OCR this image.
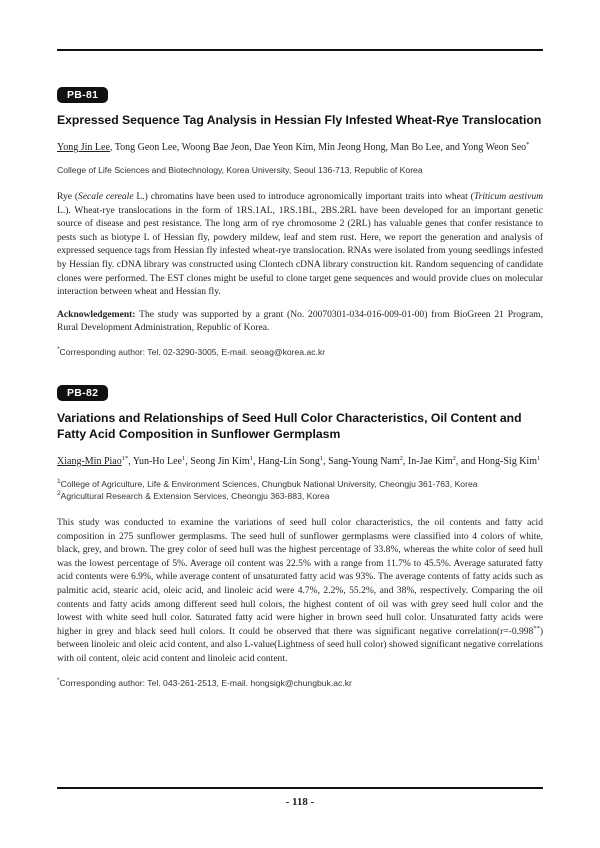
PB-81
Expressed Sequence Tag Analysis in Hessian Fly Infested Wheat-Rye Translocation
Yong Jin Lee, Tong Geon Lee, Woong Bae Jeon, Dae Yeon Kim, Min Jeong Hong, Man Bo Lee, and Yong Weon Seo*
College of Life Sciences and Biotechnology, Korea University, Seoul 136-713, Republic of Korea
Rye (Secale cereale L.) chromatins have been used to introduce agronomically important traits into wheat (Triticum aestivum L.). Wheat-rye translocations in the form of 1RS.1AL, 1RS.1BL, 2BS.2RL have been developed for an important genetic source of disease and pest resistance. The long arm of rye chromosome 2 (2RL) has valuable genes that confer resistance to pests such as biotype L of Hessian fly, powdery mildew, leaf and stem rust. Here, we report the generation and analysis of expressed sequence tags from Hessian fly infested wheat-rye translocation. RNAs were isolated from young seedlings infested by Hessian fly. cDNA library was constructed using Clontech cDNA library construction kit. Random sequencing of candidate clones were performed. The EST clones might be useful to clone target gene sequences and would provide clues on molecular interaction between wheat and Hessian fly.
Acknowledgement: The study was supported by a grant (No. 20070301-034-016-009-01-00) from BioGreen 21 Program, Rural Development Administration, Republic of Korea.
*Corresponding author: Tel. 02-3290-3005, E-mail. seoag@korea.ac.kr
PB-82
Variations and Relationships of Seed Hull Color Characteristics, Oil Content and Fatty Acid Composition in Sunflower Germplasm
Xiang-Min Piao$^{1*}$, Yun-Ho Lee$^1$, Seong Jin Kim$^1$, Hang-Lin Song$^1$, Sang-Young Nam$^2$, In-Jae Kim$^2$, and Hong-Sig Kim$^1$
$^1$College of Agriculture, Life & Environment Sciences, Chungbuk National University, Cheongju 361-763, Korea
$^2$Agricultural Research & Extension Services, Cheongju 363-883, Korea
This study was conducted to examine the variations of seed hull color characteristics, the oil contents and fatty acid composition in 275 sunflower germplasms. The seed hull of sunflower germplasms were classified into 4 colors of white, black, grey, and brown. The grey color of seed hull was the highest percentage of 33.8%, whereas the white color of seed hull was the lowest percentage of 5%. Average oil content was 22.5% with a range from 11.7% to 45.5%. Average saturated fatty acid contents were 6.9%, while average content of unsaturated fatty acid was 93%. The average contents of fatty acids such as palmitic acid, stearic acid, oleic acid, and linoleic acid were 4.7%, 2.2%, 55.2%, and 38%, respectively. Comparing the oil contents and fatty acids among different seed hull colors, the highest content of oil was with grey seed hull color and the lowest with white seed hull color. Saturated fatty acid were higher in brown seed hull color. Unsaturated fatty acids were higher in grey and black seed hull colors. It could be observed that there was significant negative correlation(r=-0.998**) between linoleic and oleic acid content, and also L-value(Lightness of seed hull color) showed significant negative correlations with oil content, oleic acid content and linoleic acid content.
*Corresponding author: Tel. 043-261-2513, E-mail. hongsigk@chungbuk.ac.kr
- 118 -
